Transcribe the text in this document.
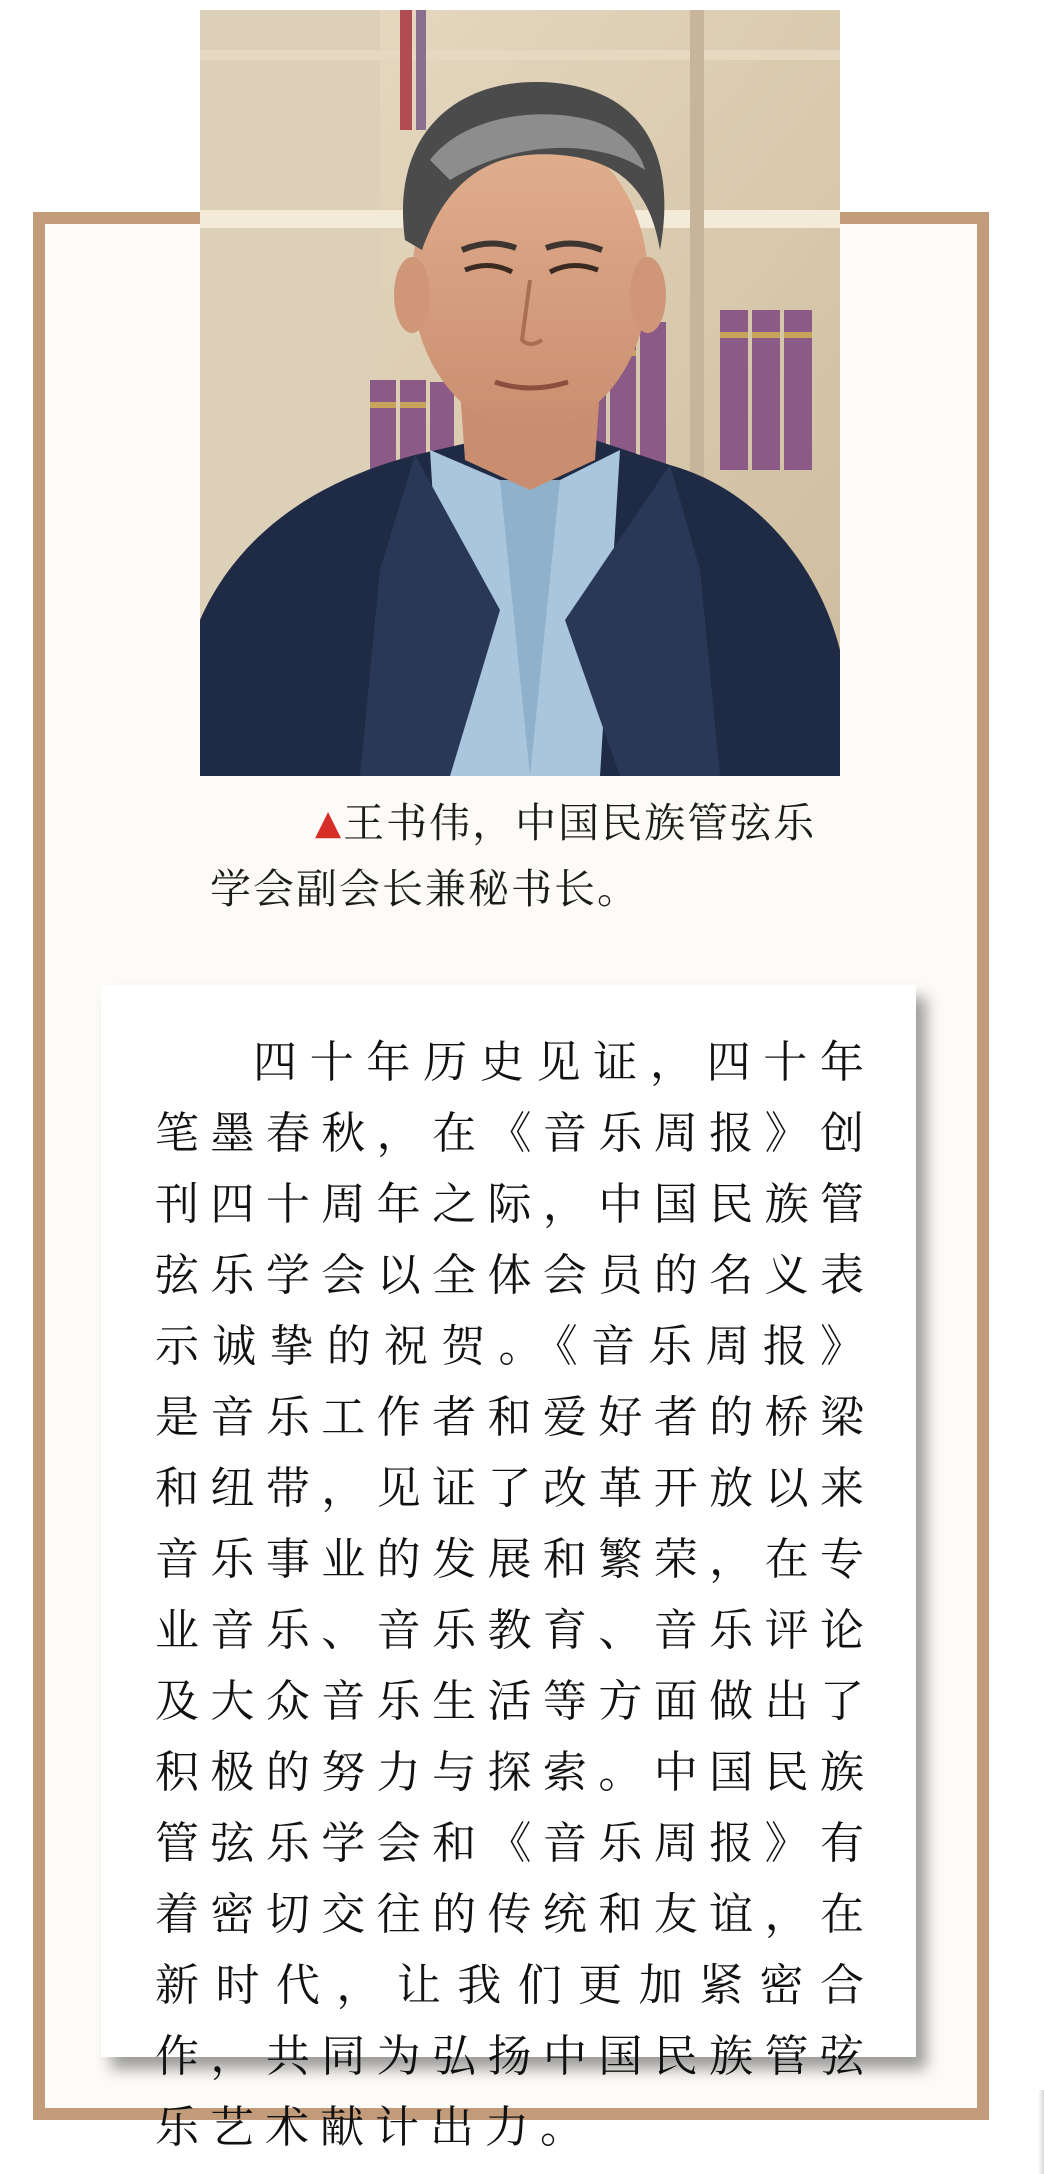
▲王书伟，中国民族管弦乐学会副会长兼秘书长。

四十年历史见证，四十年笔墨春秋，在《音乐周报》创刊四十周年之际，中国民族管弦乐学会以全体会员的名义表示诚挚的祝贺。《音乐周报》是音乐工作者和爱好者的桥梁和纽带，见证了改革开放以来音乐事业的发展和繁荣，在专业音乐、音乐教育、音乐评论及大众音乐生活等方面做出了积极的努力与探索。中国民族管弦乐学会和《音乐周报》有着密切交往的传统和友谊，在新时代，让我们更加紧密合作，共同为弘扬中国民族管弦乐艺术献计出力。
